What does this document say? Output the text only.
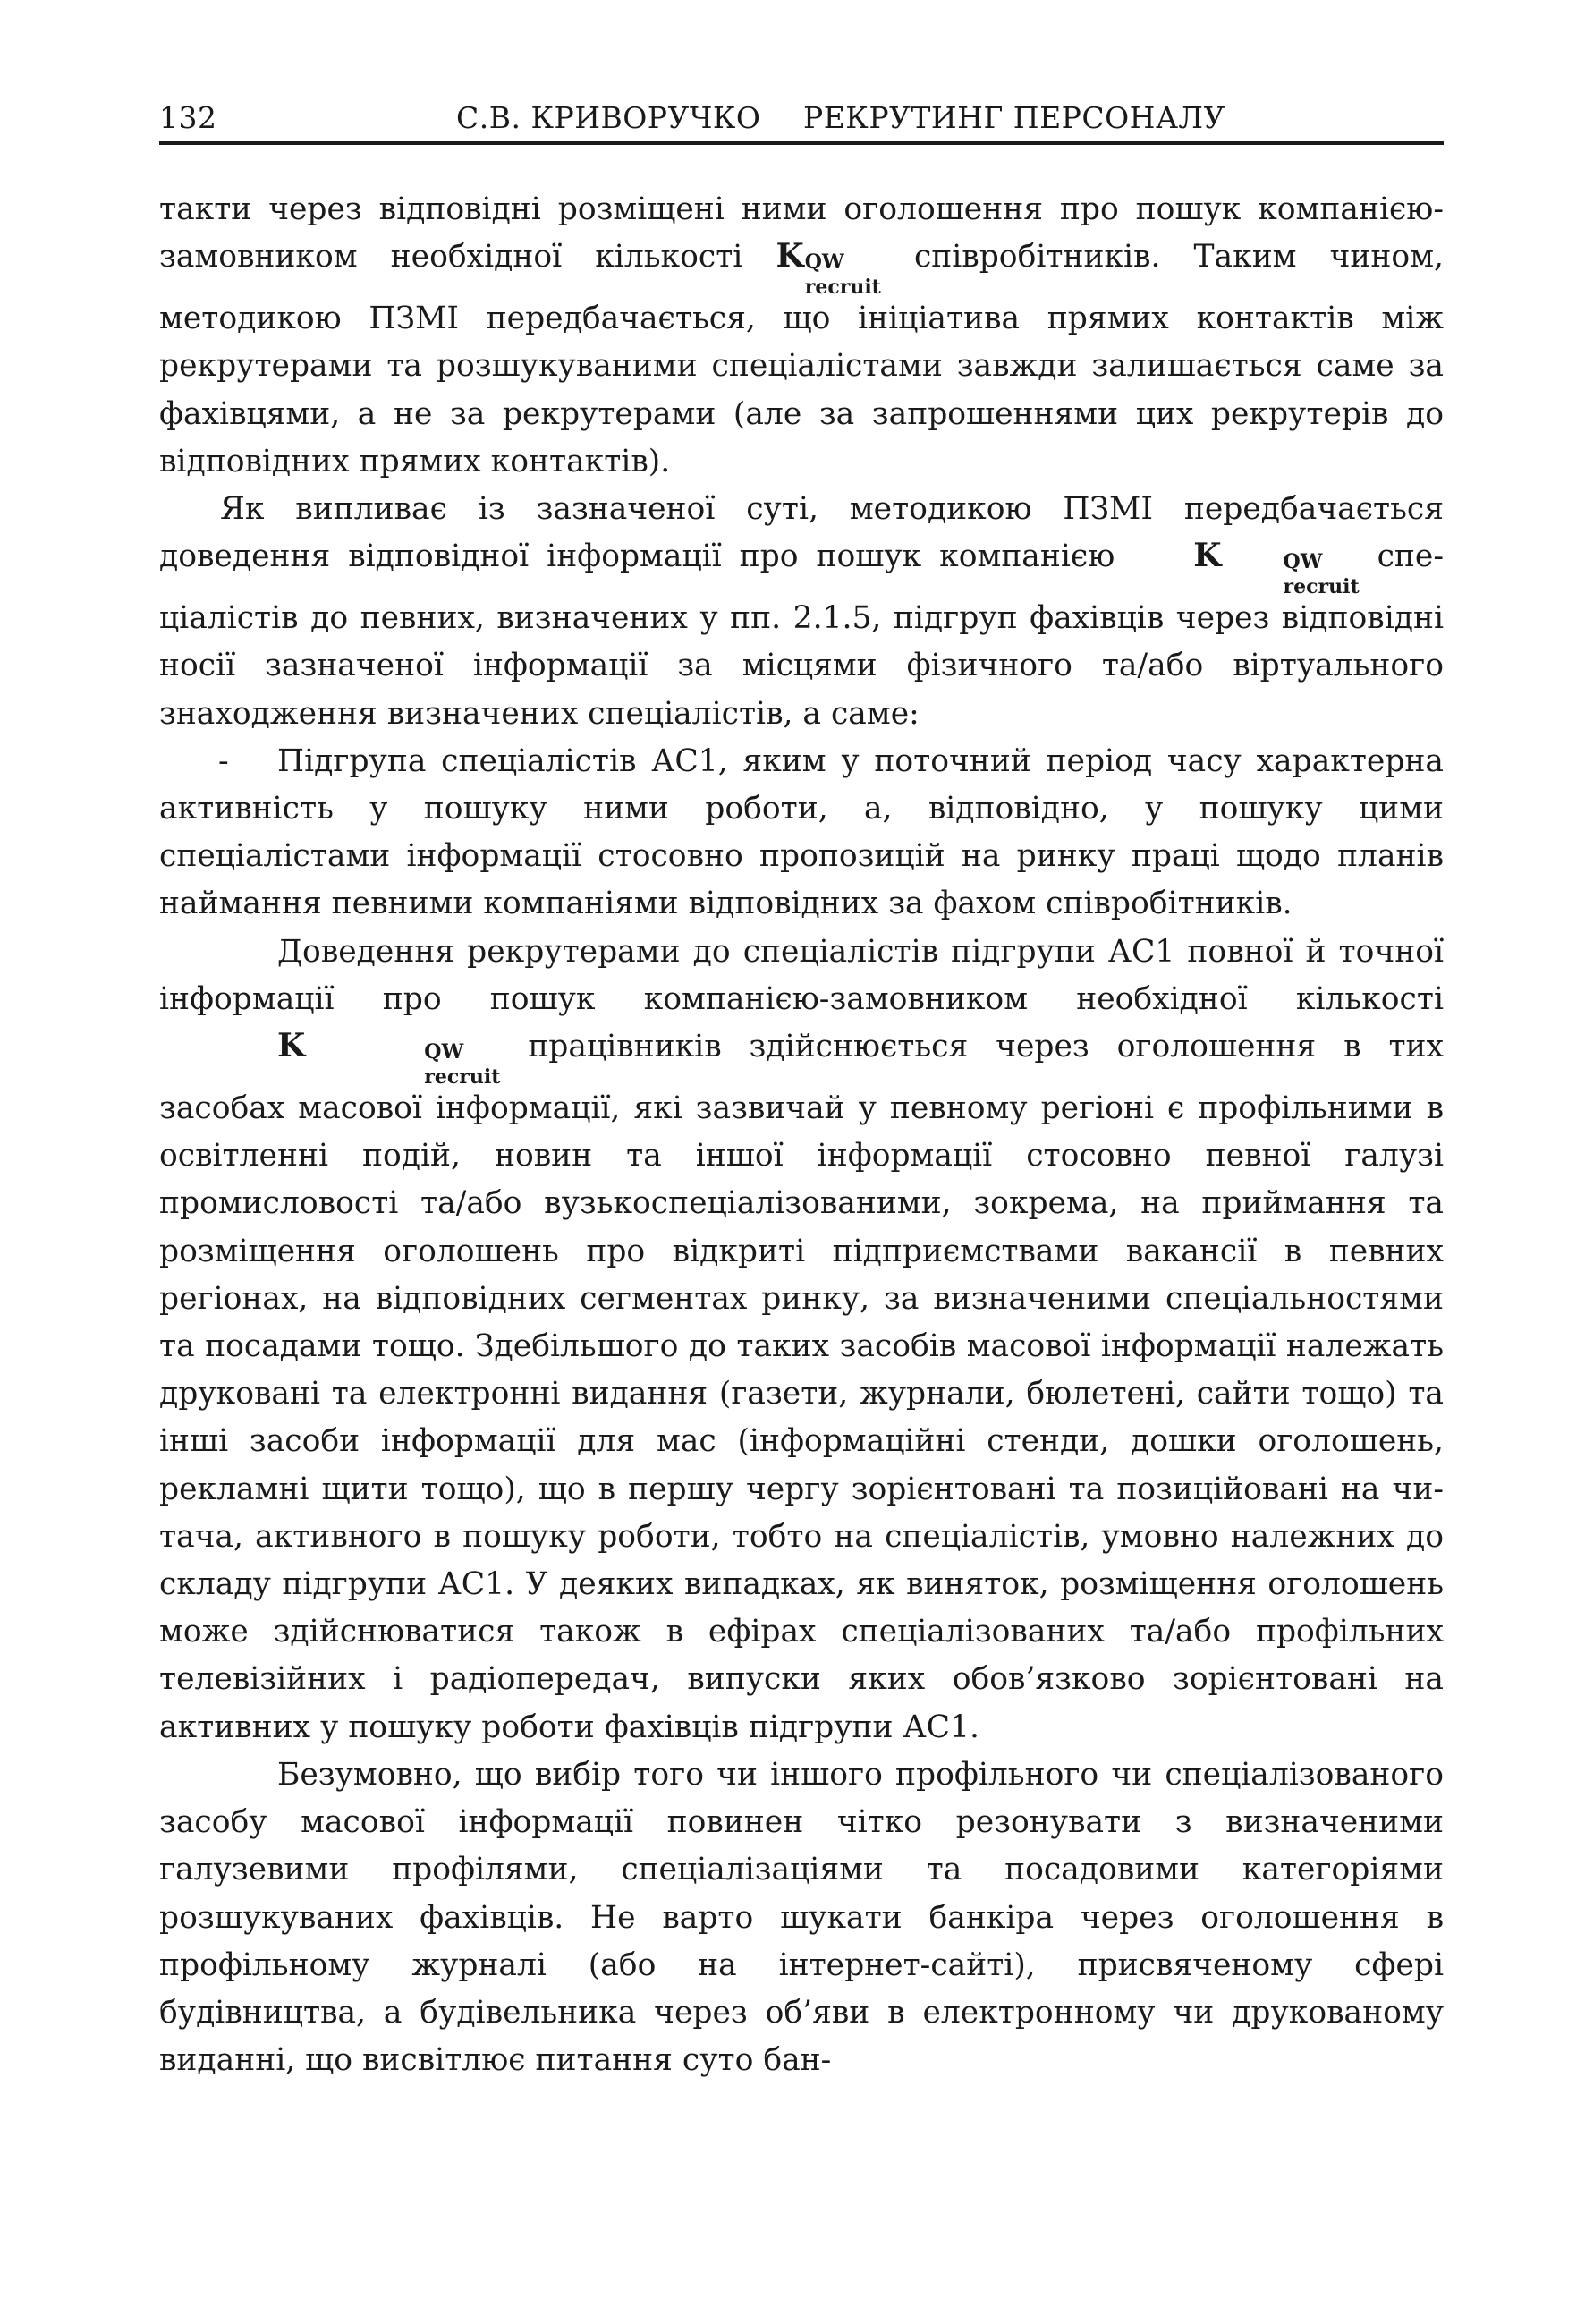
132	С.В. КРИВОРУЧКО РЕКРУТИНГ ПЕРСОНАЛУ

такти через відповідні розміщені ними оголошення про пошук компанією-замовником необхідної кількості K QW
recruit
співробітників. Таким чином, методикою ПЗМІ передбачається, що ініціатива прямих контактів між рекрутерами та розшукуваними спеціалістами завжди залишається саме за фахівцями, а не за рекрутерами (але за запрошеннями цих рекрутерів до відповідних прямих контактів).

Як випливає із зазначеної суті, методикою ПЗМІ передбачається доведення відповідної інформації про пошук компанією K	QW
recruit
спеціалістів до певних, визначених у пп. 2.1.5, підгруп фахівців через відповідні носії зазначеної інформації за місцями фізичного та/або віртуального знаходження визначених спеціалістів, а саме:

- Підгрупа спеціалістів АС1, яким у поточний період часу характерна активність у пошуку ними роботи, а, відповідно, у пошуку цими спеціалістами інформації стосовно пропозицій на ринку праці щодо планів наймання певними компаніями відповідних за фахом співробітників.

Доведення рекрутерами до спеціалістів підгрупи АС1 повної й точної інформації про пошук компанією-замовником необхідної кількості K	QW
recruit
працівників здійснюється через оголошення в тих засобах масової інформації, які зазвичай у певному регіоні є профільними в освітленні подій, новин та іншої інформації стосовно певної галузі промисловості та/або вузькоспеціалізованими, зокрема, на приймання та розміщення оголошень про відкриті підприємствами вакансії в певних регіонах, на відповідних сегментах ринку, за визначеними спеціальностями та посадами тощо. Здебільшого до таких засобів масової інформації належать друковані та електронні видання (газети, журнали, бюлетені, сайти тощо) та інші засоби інформації для мас (інформаційні стенди, дошки оголошень, рекламні щити тощо), що в першу чергу зорієнтовані та позиційовані на читача, активного в пошуку роботи, тобто на спеціалістів, умовно належних до складу підгрупи АС1. У деяких випадках, як виняток, розміщення оголошень може здійснюватися також в ефірах спеціалізованих та/або профільних телевізійних і радіопередач, випуски яких обов’язково зорієнтовані на активних у пошуку роботи фахівців підгрупи АС1.

Безумовно, що вибір того чи іншого профільного чи спеціалізованого засобу масової інформації повинен чітко резонувати з визначеними галузевими профілями, спеціалізаціями та посадовими категоріями розшукуваних фахівців. Не варто шукати банкіра через оголошення в профільному журналі (або на інтернет-сайті), присвяченому сфері будівництва, а будівельника через об’яви в електронному чи друкованому виданні, що висвітлює питання суто бан-
